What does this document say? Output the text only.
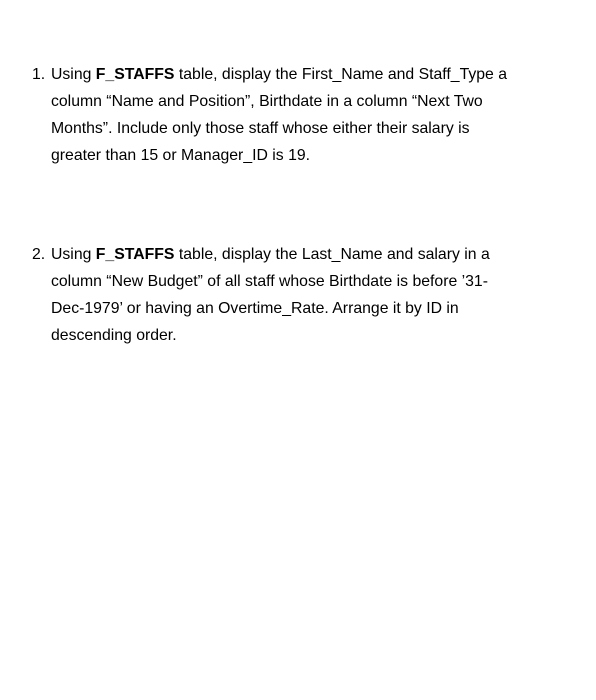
1. Using F_STAFFS table, display the First_Name and Staff_Type a
column “Name and Position”, Birthdate in a column “Next Two
Months”. Include only those staff whose either their salary is
greater than 15 or Manager_ID is 19.
2. Using F_STAFFS table, display the Last_Name and salary in a
column “New Budget” of all staff whose Birthdate is before ’31-
Dec-1979’ or having an Overtime_Rate. Arrange it by ID in
descending order.
